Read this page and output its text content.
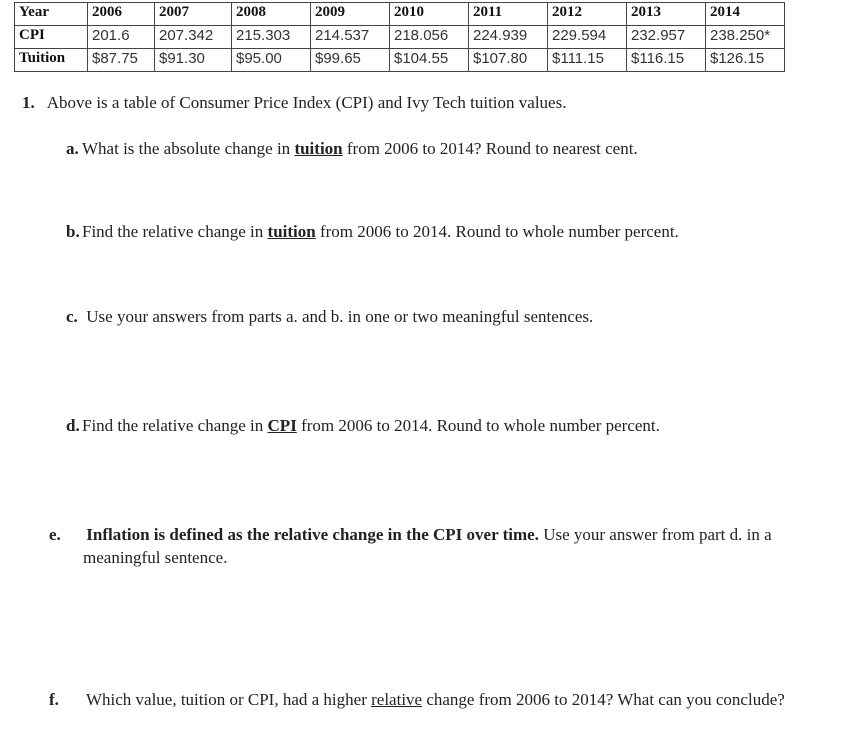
Year	2006	2007	2008	2009	2010	2011	2012	2013	2014
CPI	201.6	207.342	215.303	214.537	218.056	224.939	229.594	232.957	238.250*
Tuition	$87.75	$91.30	$95.00	$99.65	$104.55	$107.80	$111.15	$116.15	$126.15
1. Above is a table of Consumer Price Index (CPI) and Ivy Tech tuition values.
a. What is the absolute change in tuition from 2006 to 2014? Round to nearest cent.
b. Find the relative change in tuition from 2006 to 2014. Round to whole number percent.
c. Use your answers from parts a. and b. in one or two meaningful sentences.
d. Find the relative change in CPI from 2006 to 2014. Round to whole number percent.
e. Inflation is defined as the relative change in the CPI over time. Use your answer from part d. in a meaningful sentence.
f. Which value, tuition or CPI, had a higher relative change from 2006 to 2014? What can you conclude?
